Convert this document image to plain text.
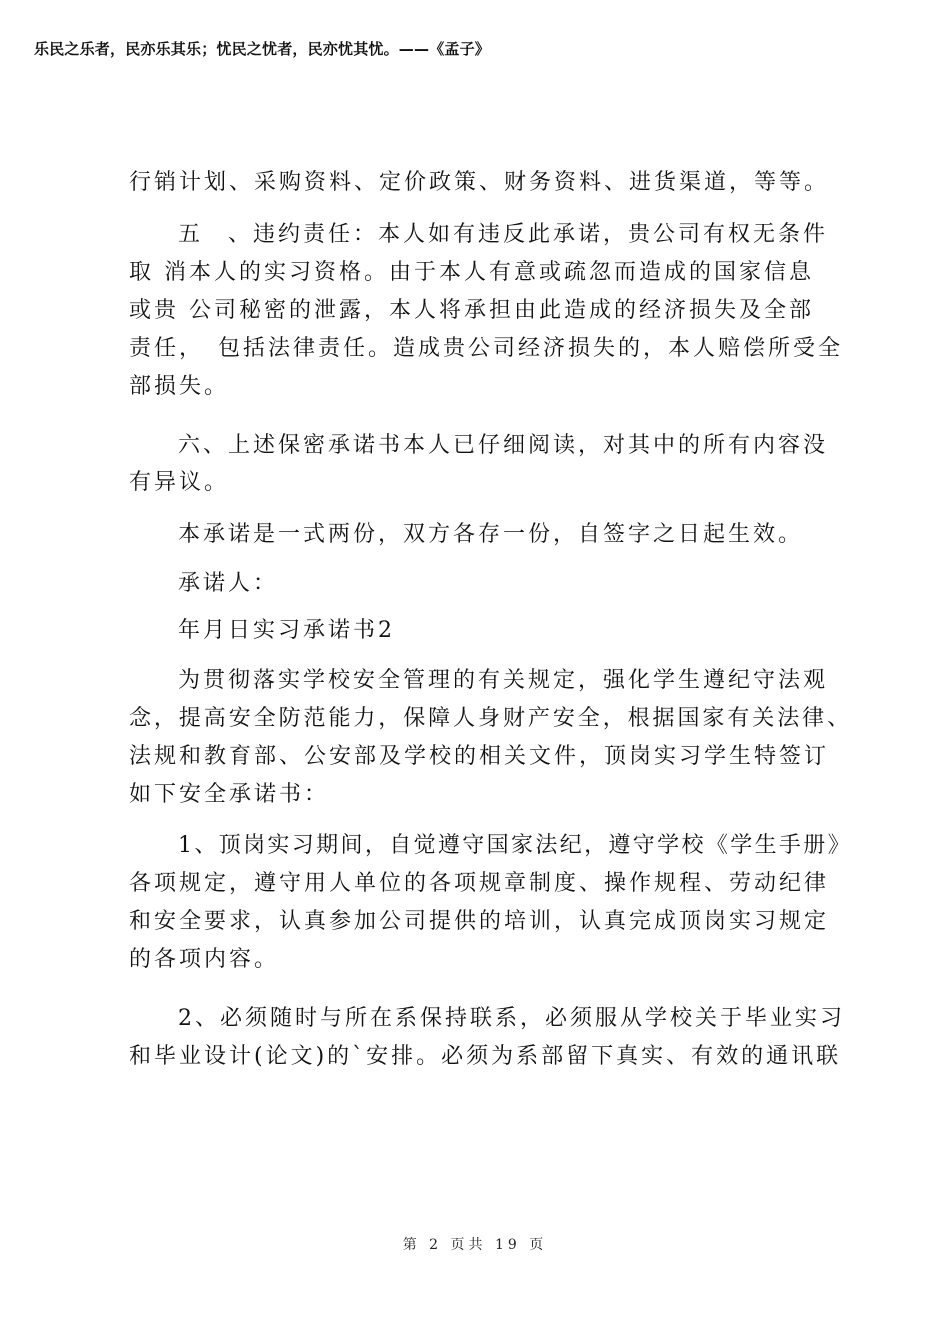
乐民之乐者，民亦乐其乐；忧民之忧者，民亦忧其忧。——《孟子》
行销计划、采购资料、定价政策、财务资料、进货渠道，等等。
五　、违约责任：本人如有违反此承诺，贵公司有权无条件
取 消本人的实习资格。由于本人有意或疏忽而造成的国家信息
或贵 公司秘密的泄露，本人将承担由此造成的经济损失及全部
责任，　包括法律责任。造成贵公司经济损失的，本人赔偿所受全
部损失。
六、上述保密承诺书本人已仔细阅读，对其中的所有内容没
有异议。
本承诺是一式两份，双方各存一份，自签字之日起生效。
承诺人：
年月日实习承诺书2
为贯彻落实学校安全管理的有关规定，强化学生遵纪守法观
念，提高安全防范能力，保障人身财产安全，根据国家有关法律、
法规和教育部、公安部及学校的相关文件，顶岗实习学生特签订
如下安全承诺书：
1、顶岗实习期间，自觉遵守国家法纪，遵守学校《学生手册》
各项规定，遵守用人单位的各项规章制度、操作规程、劳动纪律
和安全要求，认真参加公司提供的培训，认真完成顶岗实习规定
的各项内容。
2、必须随时与所在系保持联系，必须服从学校关于毕业实习
和毕业设计(论文)的`安排。必须为系部留下真实、有效的通讯联
第 2 页共 19 页
